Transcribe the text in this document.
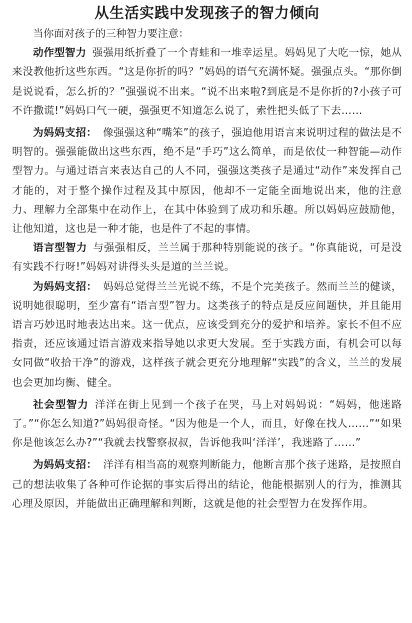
从生活实践中发现孩子的智力倾向

当你面对孩子的三种智力要注意：

动作型智力 强强用纸折叠了一个青蛙和一堆幸运星。妈妈见了大吃一惊，她从来没教他折这些东西。“这是你折的吗？”妈妈的语气充满怀疑。强强点头。“那你倒是说说看，怎么折的？”强强说不出来。“说不出来啦?到底是不是你折的?小孩子可不许撒谎!”妈妈口气一硬，强强更不知道怎么说了，索性把头低了下去……

为妈妈支招： 像强强这种“嘴笨”的孩子，强迫他用语言来说明过程的做法是不明智的。强强能做出这些东西，绝不是“手巧”这么简单，而是依仗一种智能—动作型智力。与通过语言来表达自己的人不同，强强这类孩子是通过“动作”来发挥自己才能的，对于整个操作过程及其中原因，他却不一定能全面地说出来，他的注意力、理解力全部集中在动作上，在其中体验到了成功和乐趣。所以妈妈应鼓励他，让他知道，这也是一种才能，也是件了不起的事情。

语言型智力 与强强相反，兰兰属于那种特别能说的孩子。“你真能说，可是没有实践不行呀!”妈妈对讲得头头是道的兰兰说。

为妈妈支招： 妈妈总觉得兰兰光说不练，不是个完美孩子。然而兰兰的健谈，说明她很聪明，至少富有“语言型”智力。这类孩子的特点是反应间题快，并且能用语言巧妙迅时地表达出来。这一优点，应该受到充分的爱护和培养。家长不但不应指责，还应该通过语言游戏来指导她以求更大发展。至于实践方面，有机会可以每女同做“收拾干净”的游戏，这样孩子就会更充分地理解“实践”的含义，兰兰的发展也会更加均衡、健全。

社会型智力 洋洋在街上见到一个孩子在哭，马上对妈妈说：“妈妈，他迷路了。”“你怎么知道?”妈妈很奇怪。“因为他是一个人，而且，好像在找人……”“如果你是他该怎么办?”“我就去找警察叔叔，告诉他我叫‘洋洋’，我迷路了……”

为妈妈支招： 洋洋有相当高的观察判断能力，他断言那个孩子迷路，是按照自己的想法收集了各种可作论据的事实后得出的结论，他能根据别人的行为，推测其心理及原因，并能做出正确理解和判断，这就是他的社会型智力在发挥作用。
